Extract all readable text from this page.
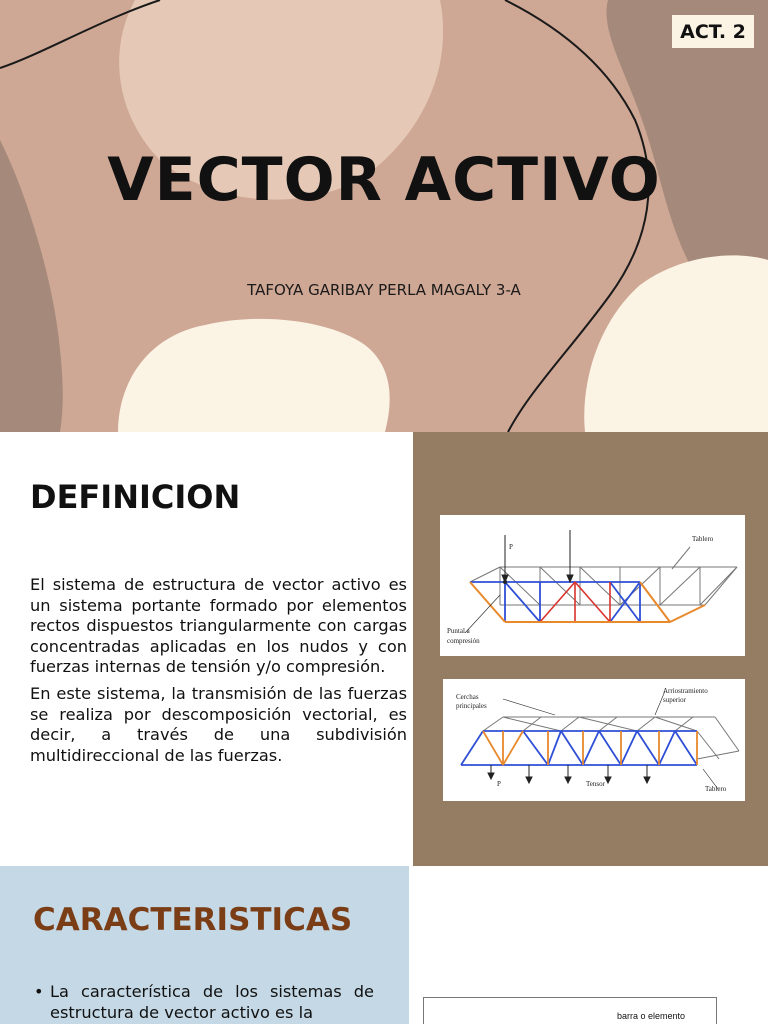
ACT. 2
VECTOR ACTIVO
TAFOYA GARIBAY PERLA MAGALY 3-A
DEFINICION

El sistema de estructura de vector activo es un sistema portante formado por elementos rectos dispuestos triangularmente con cargas concentradas aplicadas en los nudos y con fuerzas internas de tensión y/o compresión.

En este sistema, la transmisión de las fuerzas se realiza por descomposición vectorial, es decir, a través de una subdivisión multidireccional de las fuerzas.

P
Tablero
Puntal a
compresión
Cerchas
principales
Arriostramiento
superior
P	Tensor
Tablero
CARACTERISTICAS
• La característica de los sistemas de estructura de vector activo es la	barra o elemento
